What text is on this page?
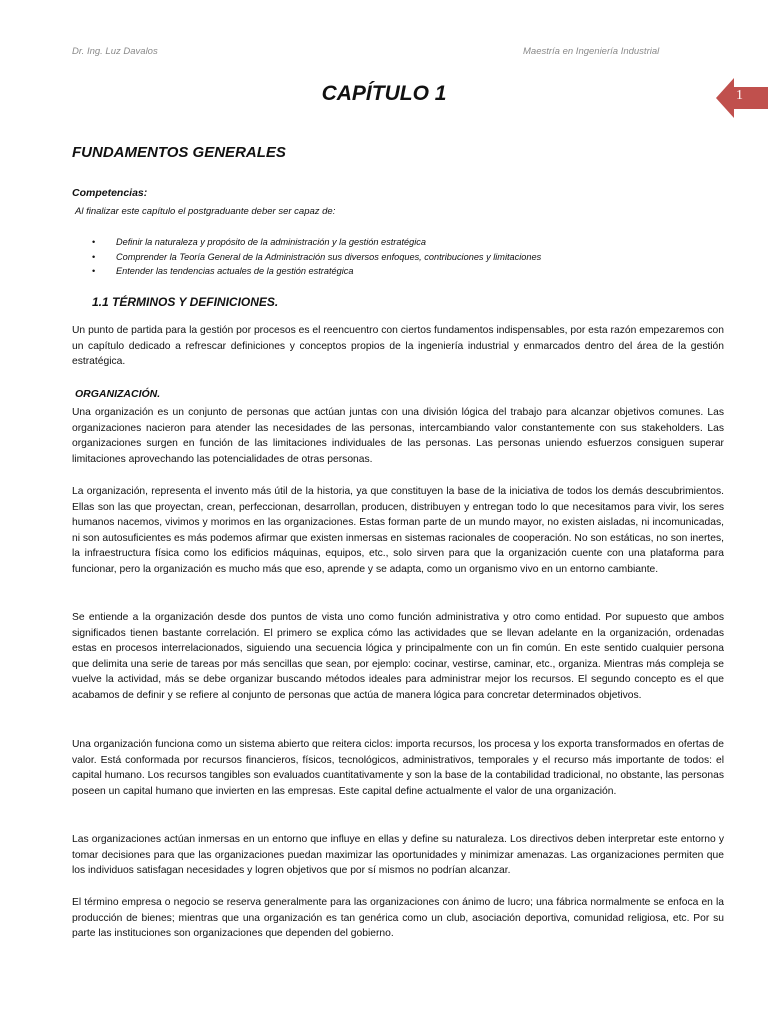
Dr. Ing. Luz Davalos	Maestría en Ingeniería Industrial
1
CAPÍTULO 1
FUNDAMENTOS GENERALES
Competencias:
Al finalizar este capítulo el postgraduante deber ser capaz de:
• Definir la naturaleza y propósito de la administración y la gestión estratégica
• Comprender la Teoría General de la Administración sus diversos enfoques, contribuciones y limitaciones
• Entender las tendencias actuales de la gestión estratégica
1.1 TÉRMINOS Y DEFINICIONES.

Un punto de partida para la gestión por procesos es el reencuentro con ciertos fundamentos indispensables, por esta razón empezaremos con un capítulo dedicado a refrescar definiciones y conceptos propios de la ingeniería industrial y enmarcados dentro del área de la gestión estratégica.

ORGANIZACIÓN.

Una organización es un conjunto de personas que actúan juntas con una división lógica del trabajo para alcanzar objetivos comunes. Las organizaciones nacieron para atender las necesidades de las personas, intercambiando valor constantemente con sus stakeholders. Las organizaciones surgen en función de las limitaciones individuales de las personas. Las personas uniendo esfuerzos consiguen superar limitaciones aprovechando las potencialidades de otras personas.

La organización, representa el invento más útil de la historia, ya que constituyen la base de la iniciativa de todos los demás descubrimientos. Ellas son las que proyectan, crean, perfeccionan, desarrollan, producen, distribuyen y entregan todo lo que necesitamos para vivir, los seres humanos nacemos, vivimos y morimos en las organizaciones. Estas forman parte de un mundo mayor, no existen aisladas, ni incomunicadas, ni son autosuficientes es más podemos afirmar que existen inmersas en sistemas racionales de cooperación. No son estáticas, no son inertes, la infraestructura física como los edificios máquinas, equipos, etc., solo sirven para que la organización cuente con una plataforma para funcionar, pero la organización es mucho más que eso, aprende y se adapta, como un organismo vivo en un entorno cambiante.

Se entiende a la organización desde dos puntos de vista uno como función administrativa y otro como entidad. Por supuesto que ambos significados tienen bastante correlación. El primero se explica cómo las actividades que se llevan adelante en la organización, ordenadas estas en procesos interrelacionados, siguiendo una secuencia lógica y principalmente con un fin común. En este sentido cualquier persona que delimita una serie de tareas por más sencillas que sean, por ejemplo: cocinar, vestirse, caminar, etc., organiza. Mientras más compleja se vuelve la actividad, más se debe organizar buscando métodos ideales para administrar mejor los recursos. El segundo concepto es el que acabamos de definir y se refiere al conjunto de personas que actúa de manera lógica para concretar determinados objetivos.

Una organización funciona como un sistema abierto que reitera ciclos: importa recursos, los procesa y los exporta transformados en ofertas de valor. Está conformada por recursos financieros, físicos, tecnológicos, administrativos, temporales y el recurso más importante de todos: el capital humano. Los recursos tangibles son evaluados cuantitativamente y son la base de la contabilidad tradicional, no obstante, las personas poseen un capital humano que invierten en las empresas. Este capital define actualmente el valor de una organización.

Las organizaciones actúan inmersas en un entorno que influye en ellas y define su naturaleza. Los directivos deben interpretar este entorno y tomar decisiones para que las organizaciones puedan maximizar las oportunidades y minimizar amenazas. Las organizaciones permiten que los individuos satisfagan necesidades y logren objetivos que por sí mismos no podrían alcanzar.

El término empresa o negocio se reserva generalmente para las organizaciones con ánimo de lucro; una fábrica normalmente se enfoca en la producción de bienes; mientras que una organización es tan genérica como un club, asociación deportiva, comunidad religiosa, etc. Por su parte las instituciones son organizaciones que dependen del gobierno.
